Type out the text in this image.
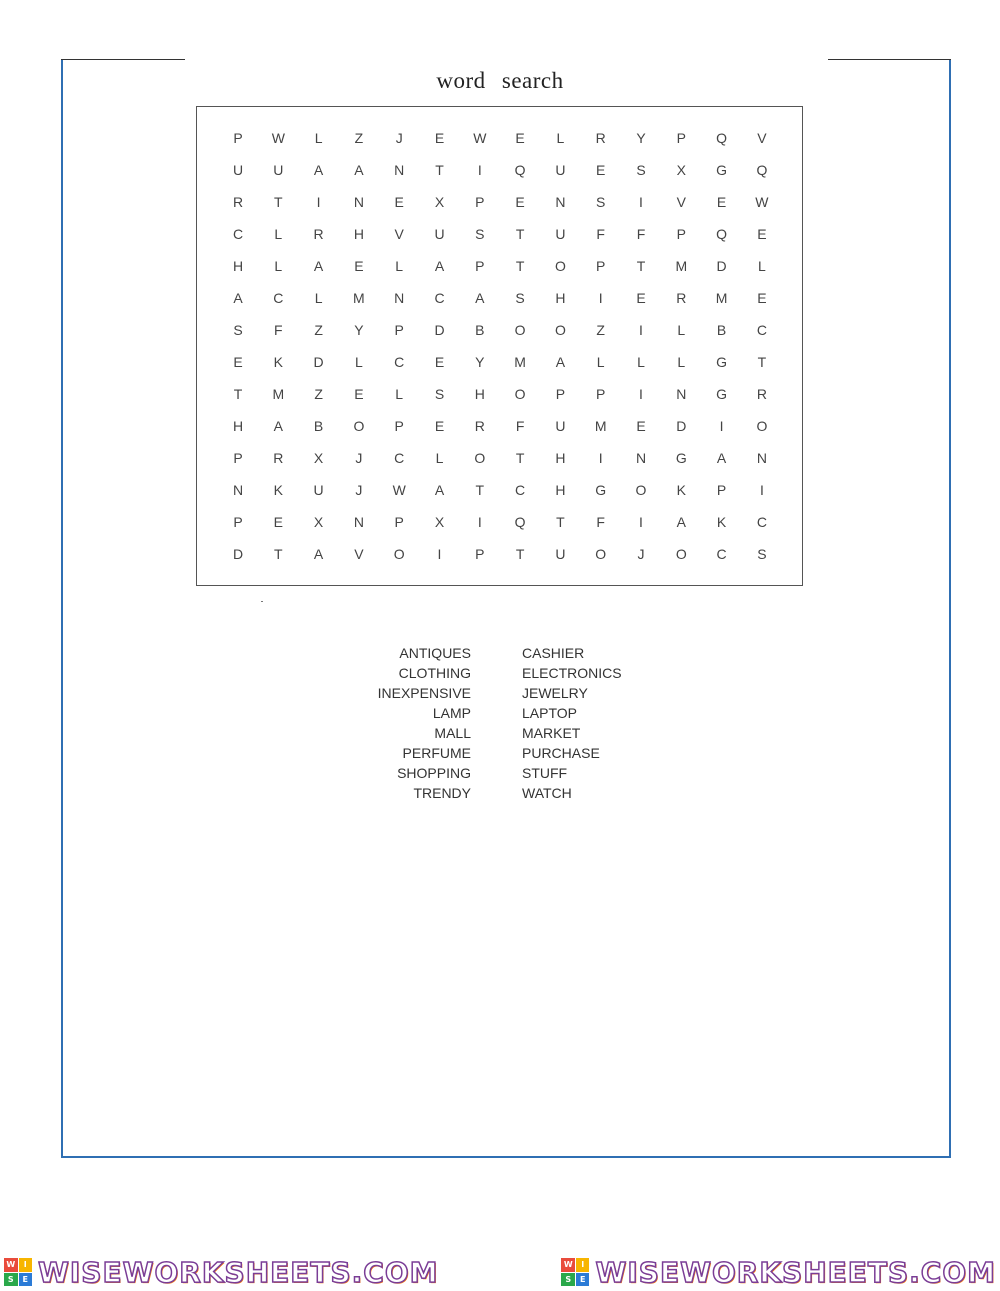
word search
P	W	L	Z	J	E	W	E	L	R	Y	P	Q	V
U	U	A	A	N	T	I	Q	U	E	S	X	G	Q
R	T	I	N	E	X	P	E	N	S	I	V	E	W
C	L	R	H	V	U	S	T	U	F	F	P	Q	E
H	L	A	E	L	A	P	T	O	P	T	M	D	L
A	C	L	M	N	C	A	S	H	I	E	R	M	E
S	F	Z	Y	P	D	B	O	O	Z	I	L	B	C
E	K	D	L	C	E	Y	M	A	L	L	L	G	T
T	M	Z	E	L	S	H	O	P	P	I	N	G	R
H	A	B	O	P	E	R	F	U	M	E	D	I	O
P	R	X	J	C	L	O	T	H	I	N	G	A	N
N	K	U	J	W	A	T	C	H	G	O	K	P	I
P	E	X	N	P	X	I	Q	T	F	I	A	K	C
D	T	A	V	O	I	P	T	U	O	J	O	C	S
ANTIQUES
CLOTHING
INEXPENSIVE
LAMP
MALL
PERFUME
SHOPPING
TRENDY
CASHIER
ELECTRONICS
JEWELRY
LAPTOP
MARKET
PURCHASE
STUFF
WATCH
W	I
S	E WISEWORKSHEETS.COM	W	I
S	E WISEWORKSHEETS.COM
